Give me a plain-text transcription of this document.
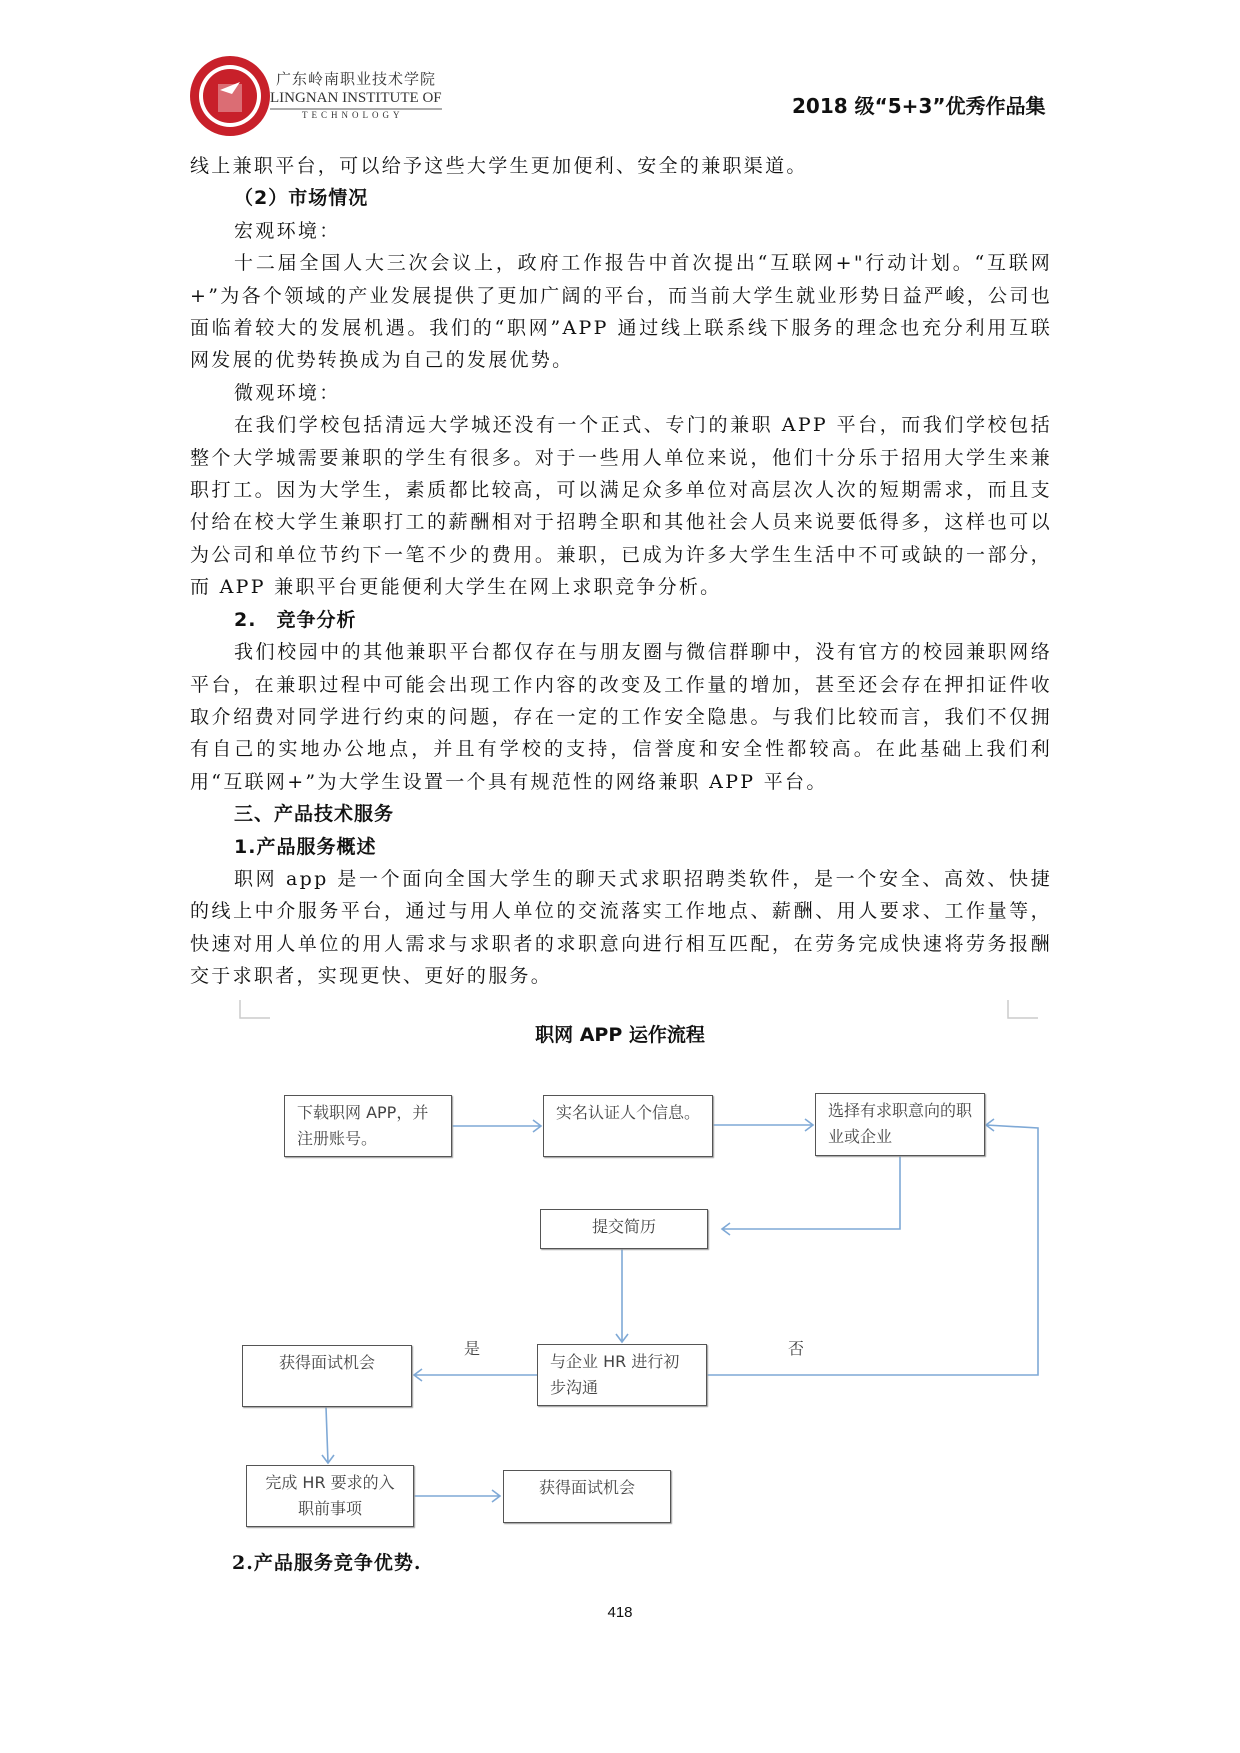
广东岭南职业技术学院
LINGNAN INSTITUTE OF
TECHNOLOGY	2018 级“5+3”优秀作品集

线上兼职平台，可以给予这些大学生更加便利、安全的兼职渠道。

（2）市场情况

宏观环境：

十二届全国人大三次会议上，政府工作报告中首次提出“互联网+"行动计划。“互联网+”为各个领域的产业发展提供了更加广阔的平台，而当前大学生就业形势日益严峻，公司也面临着较大的发展机遇。我们的“职网”APP 通过线上联系线下服务的理念也充分利用互联网发展的优势转换成为自己的发展优势。

微观环境：

在我们学校包括清远大学城还没有一个正式、专门的兼职 APP 平台，而我们学校包括整个大学城需要兼职的学生有很多。对于一些用人单位来说，他们十分乐于招用大学生来兼职打工。因为大学生，素质都比较高，可以满足众多单位对高层次人次的短期需求，而且支付给在校大学生兼职打工的薪酬相对于招聘全职和其他社会人员来说要低得多，这样也可以为公司和单位节约下一笔不少的费用。兼职，已成为许多大学生生活中不可或缺的一部分，而 APP 兼职平台更能便利大学生在网上求职竞争分析。

2.　竞争分析

我们校园中的其他兼职平台都仅存在与朋友圈与微信群聊中，没有官方的校园兼职网络平台，在兼职过程中可能会出现工作内容的改变及工作量的增加，甚至还会存在押扣证件收取介绍费对同学进行约束的问题，存在一定的工作安全隐患。与我们比较而言，我们不仅拥有自己的实地办公地点，并且有学校的支持，信誉度和安全性都较高。在此基础上我们利用“互联网+”为大学生设置一个具有规范性的网络兼职 APP 平台。

三、产品技术服务

1.产品服务概述

职网 app 是一个面向全国大学生的聊天式求职招聘类软件，是一个安全、高效、快捷的线上中介服务平台，通过与用人单位的交流落实工作地点、薪酬、用人要求、工作量等，快速对用人单位的用人需求与求职者的求职意向进行相互匹配，在劳务完成快速将劳务报酬交于求职者，实现更快、更好的服务。

职网 APP 运作流程
下载职网 APP，并注册账号。
实名认证人个信息。	选择有求职意向的职业或企业
提交简历
与企业 HR 进行初步沟通
获得面试机会
完成 HR 要求的入职前事项
获得面试机会
是	否
2.产品服务竞争优势.
418
